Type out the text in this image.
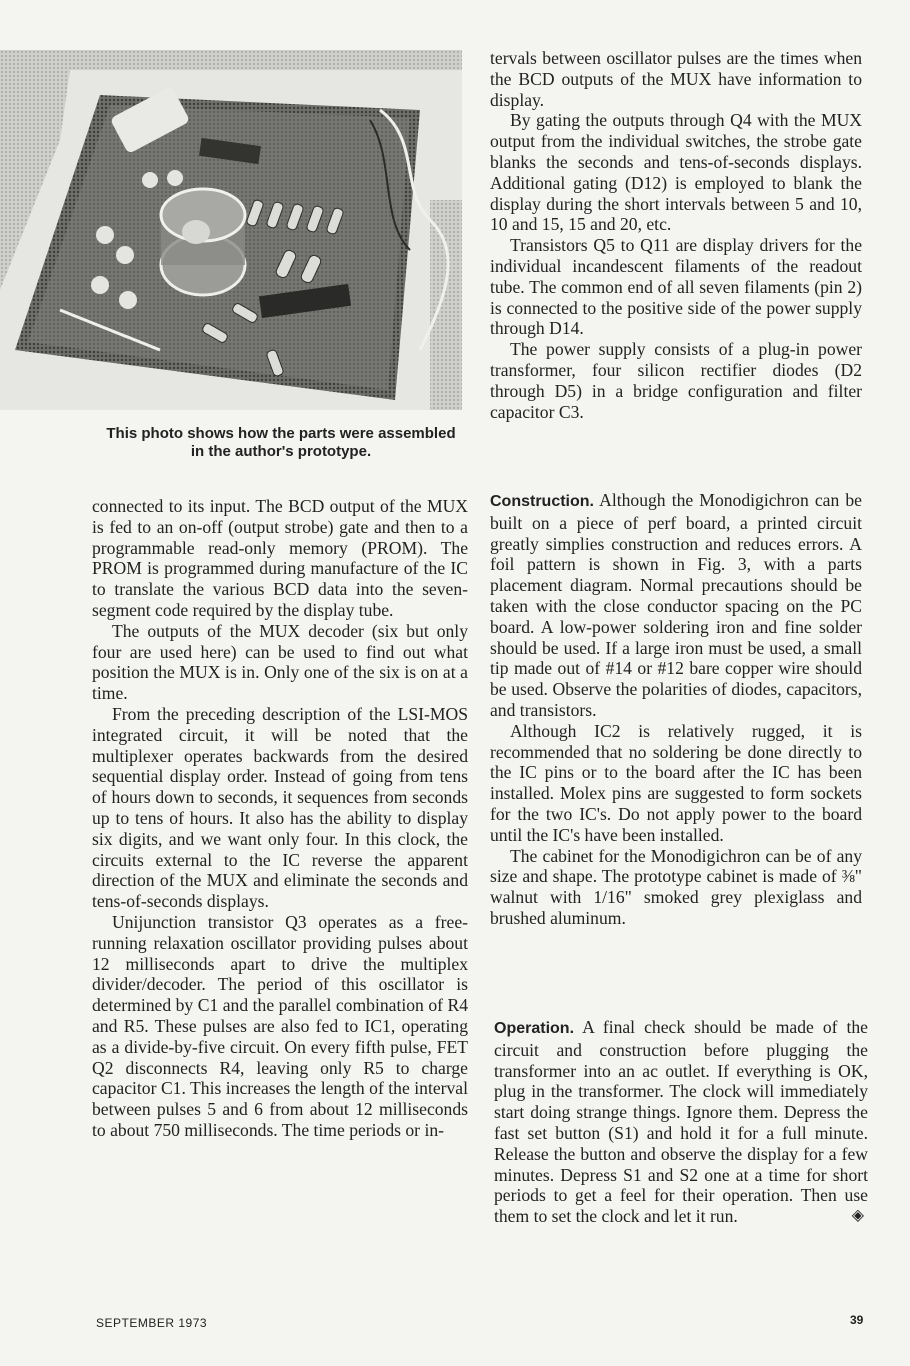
This photo shows how the parts were assembled in the author's prototype.

connected to its input. The BCD output of the MUX is fed to an on-off (output strobe) gate and then to a programmable read-only memory (PROM). The PROM is programmed during manufacture of the IC to translate the various BCD data into the seven-segment code required by the display tube.

The outputs of the MUX decoder (six but only four are used here) can be used to find out what position the MUX is in. Only one of the six is on at a time.

From the preceding description of the LSI-MOS integrated circuit, it will be noted that the multiplexer operates backwards from the desired sequential display order. Instead of going from tens of hours down to seconds, it sequences from seconds up to tens of hours. It also has the ability to display six digits, and we want only four. In this clock, the circuits external to the IC reverse the apparent direction of the MUX and eliminate the seconds and tens-of-seconds displays.

Unijunction transistor Q3 operates as a free-running relaxation oscillator providing pulses about 12 milliseconds apart to drive the multiplex divider/decoder. The period of this oscillator is determined by C1 and the parallel combination of R4 and R5. These pulses are also fed to IC1, operating as a divide-by-five circuit. On every fifth pulse, FET Q2 disconnects R4, leaving only R5 to charge capacitor C1. This increases the length of the interval between pulses 5 and 6 from about 12 milliseconds to about 750 milliseconds. The time periods or in-

tervals between oscillator pulses are the times when the BCD outputs of the MUX have information to display.

By gating the outputs through Q4 with the MUX output from the individual switches, the strobe gate blanks the seconds and tens-of-seconds displays. Additional gating (D12) is employed to blank the display during the short intervals between 5 and 10, 10 and 15, 15 and 20, etc.

Transistors Q5 to Q11 are display drivers for the individual incandescent filaments of the readout tube. The common end of all seven filaments (pin 2) is connected to the positive side of the power supply through D14.

The power supply consists of a plug-in power transformer, four silicon rectifier diodes (D2 through D5) in a bridge configuration and filter capacitor C3.

Construction. Although the Monodigichron can be built on a piece of perf board, a printed circuit greatly simplies construction and reduces errors. A foil pattern is shown in Fig. 3, with a parts placement diagram. Normal precautions should be taken with the close conductor spacing on the PC board. A low-power soldering iron and fine solder should be used. If a large iron must be used, a small tip made out of #14 or #12 bare copper wire should be used. Observe the polarities of diodes, capacitors, and transistors.

Although IC2 is relatively rugged, it is recommended that no soldering be done directly to the IC pins or to the board after the IC has been installed. Molex pins are suggested to form sockets for the two IC's. Do not apply power to the board until the IC's have been installed.

The cabinet for the Monodigichron can be of any size and shape. The prototype cabinet is made of ⅜" walnut with 1/16" smoked grey plexiglass and brushed aluminum.

Operation. A final check should be made of the circuit and construction before plugging the transformer into an ac outlet. If everything is OK, plug in the transformer. The clock will immediately start doing strange things. Ignore them. Depress the fast set button (S1) and hold it for a full minute. Release the button and observe the display for a few minutes. Depress S1 and S2 one at a time for short periods to get a feel for their operation. Then use them to set the clock and let it run.	◈

SEPTEMBER 1973	39
